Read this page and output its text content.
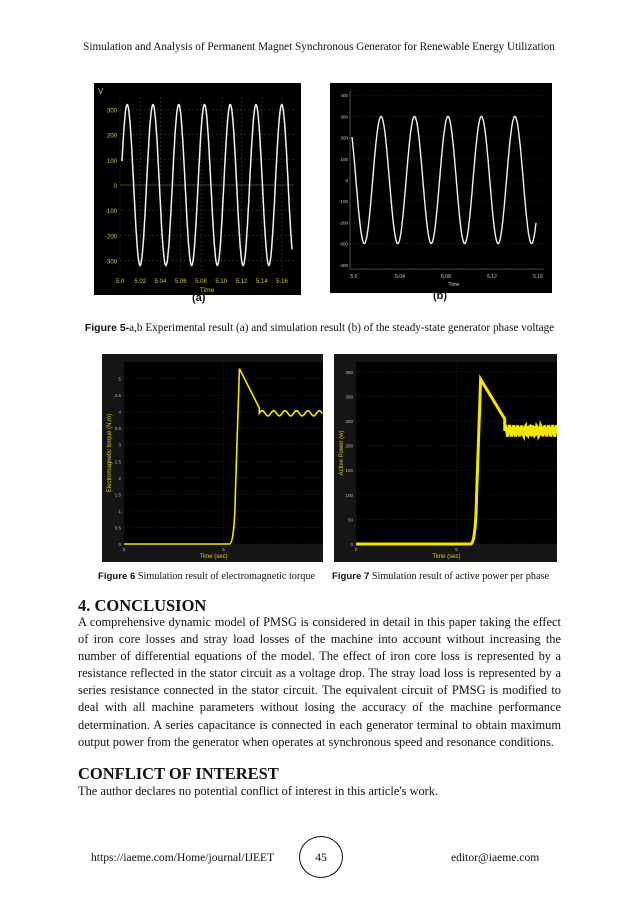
Simulation and Analysis of Permanent Magnet Synchronous Generator for Renewable Energy Utilization
300
200
100
0
-100
-200
-300
5.0 5.02 5.04 5.06 5.08 5.10 5.12 5.14 5.16
V
Time
(a)
400
300
200
100
0
-100
-200
-300
-400
5.0	5.04	5.08	5.12	5.16
Time
(b)
Figure 5-a,b Experimental result (a) and simulation result (b) of the steady-state generator phase voltage
5
4.5
4
3.5
3
2.5
2
1.5
1
0.5
0
0	5
Time (sec)
Electromagnetic torque (N.m)
350
300
250
200
150
100
50
0
0	5
Time (sec)
Active Power (w)
Figure 6 Simulation result of electromagnetic torque Figure 7 Simulation result of active power per phase
4. CONCLUSION

A comprehensive dynamic model of PMSG is considered in detail in this paper taking the effect of iron core losses and stray load losses of the machine into account without increasing the number of differential equations of the model. The effect of iron core loss is represented by a resistance reflected in the stator circuit as a voltage drop. The stray load loss is represented by a series resistance connected in the stator circuit. The equivalent circuit of PMSG is modified to deal with all machine parameters without losing the accuracy of the machine performance determination. A series capacitance is connected in each generator terminal to obtain maximum output power from the generator when operates at synchronous speed and resonance conditions.

CONFLICT OF INTEREST

The author declares no potential conflict of interest in this article's work.

https://iaeme.com/Home/journal/IJEET	45	editor@iaeme.com
